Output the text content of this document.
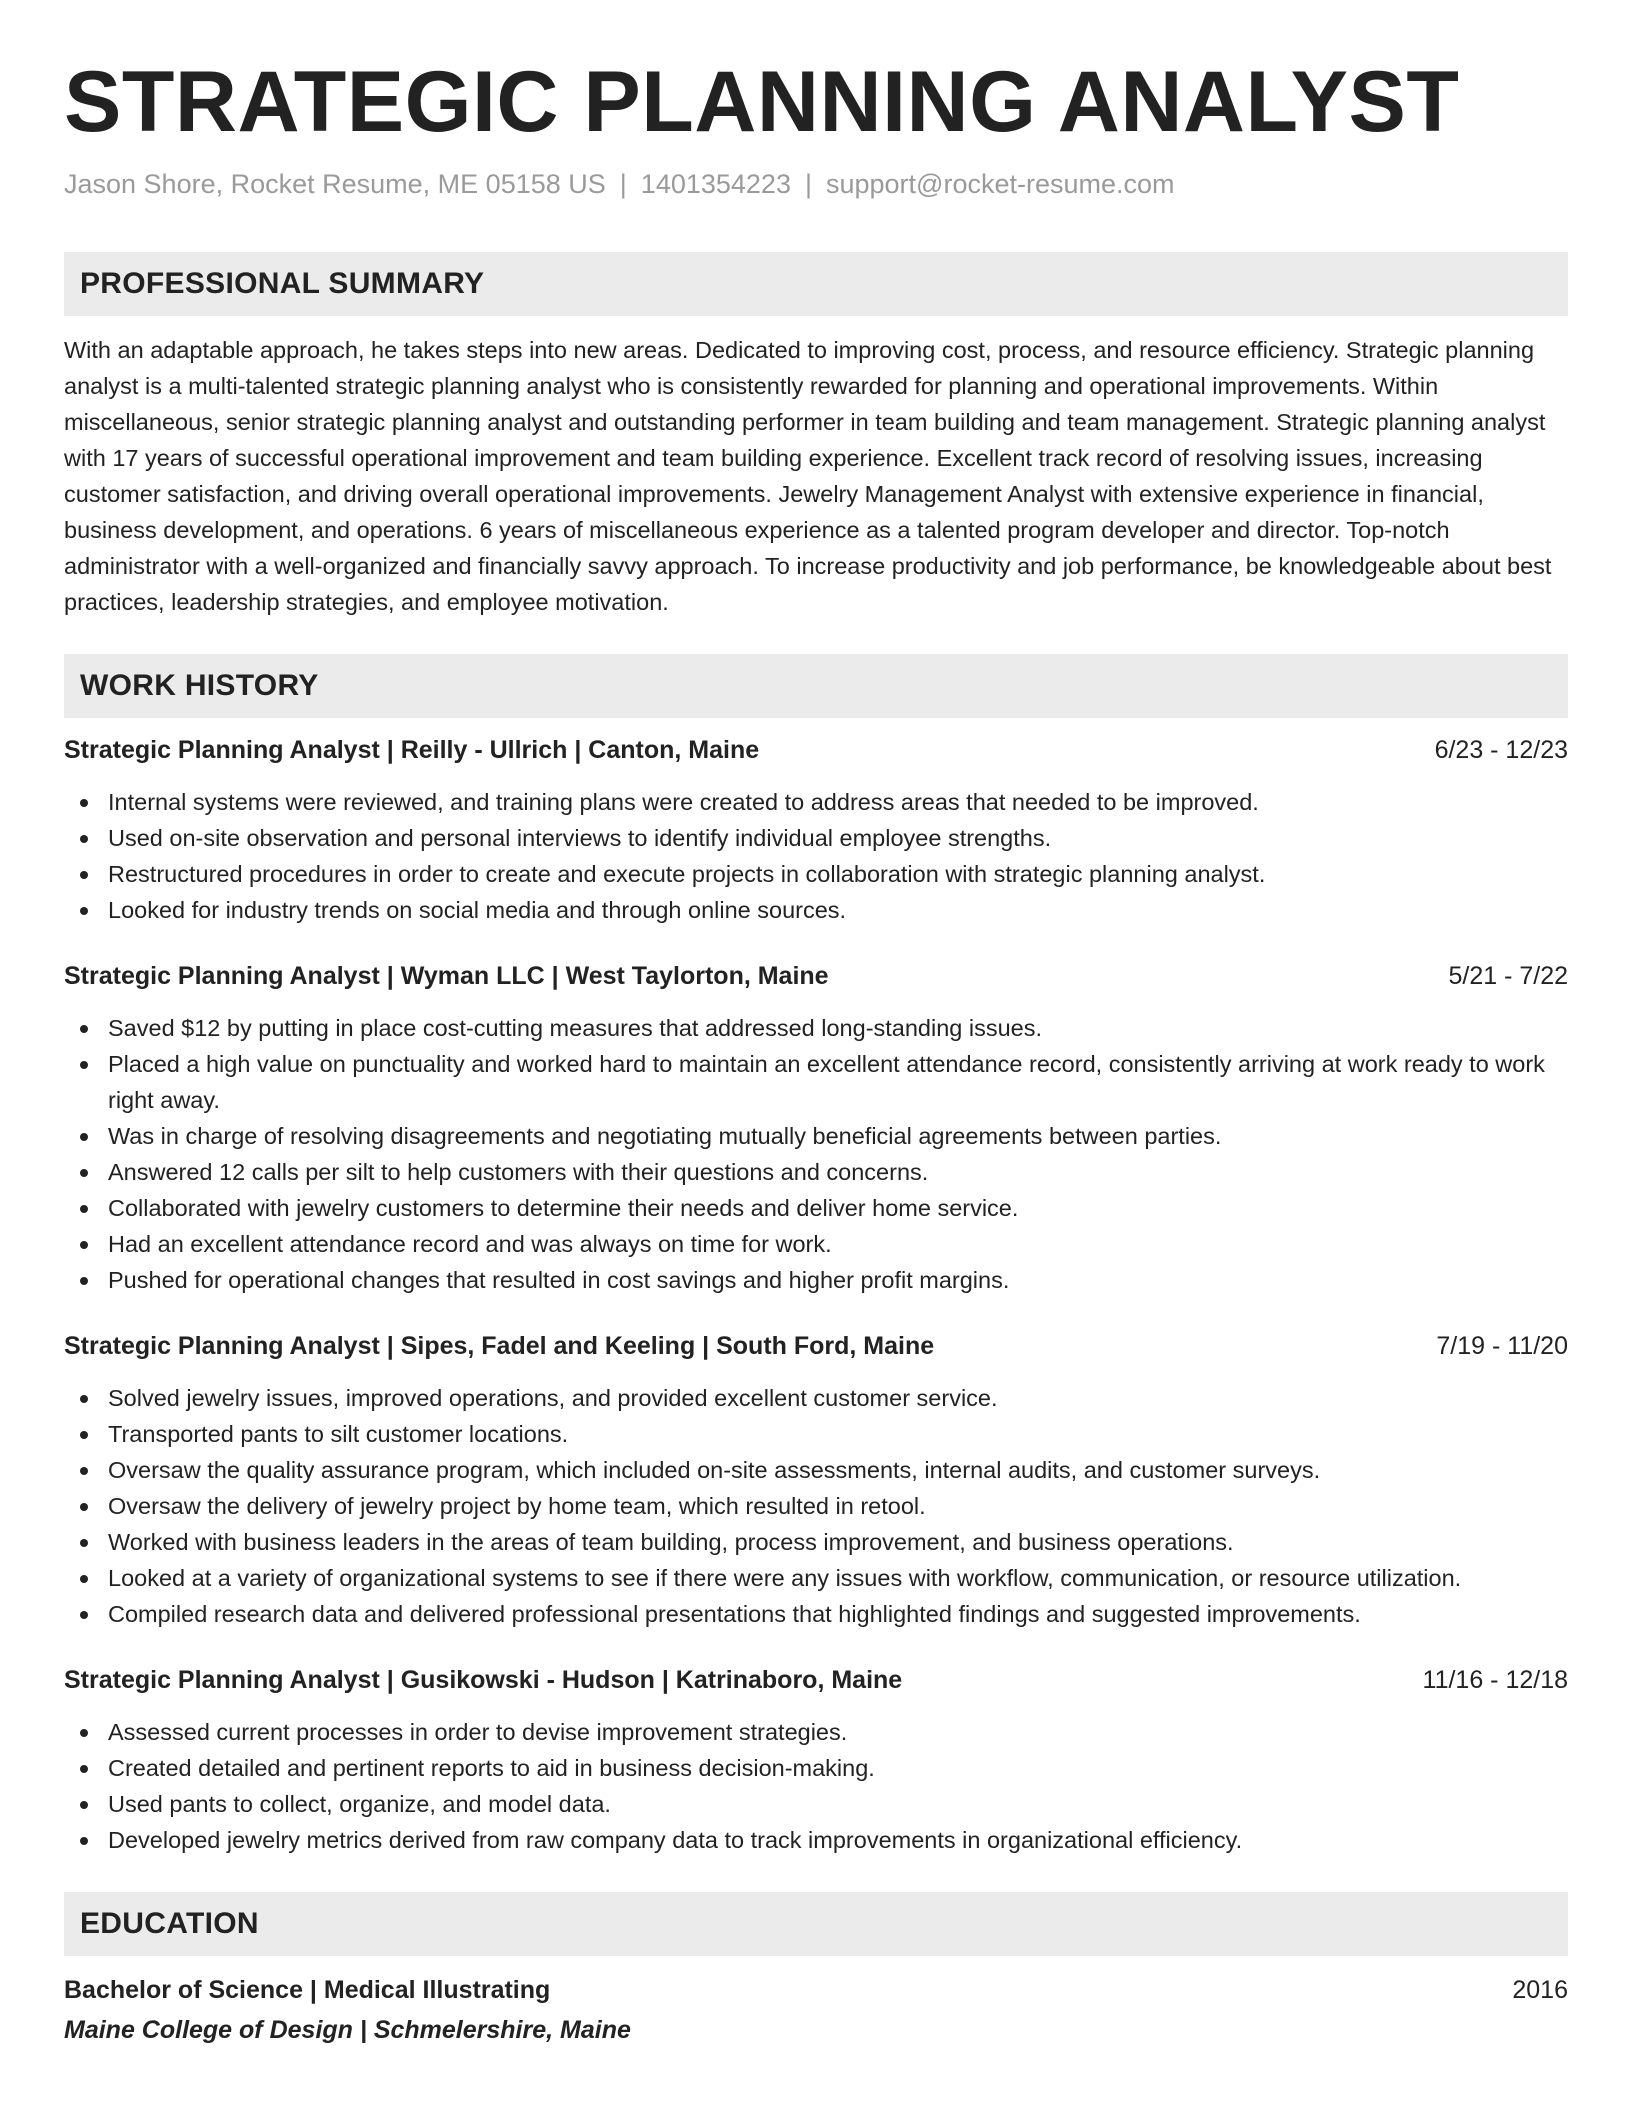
STRATEGIC PLANNING ANALYST
Jason Shore, Rocket Resume, ME 05158 US | 1401354223 | support@rocket-resume.com
PROFESSIONAL SUMMARY
With an adaptable approach, he takes steps into new areas. Dedicated to improving cost, process, and resource efficiency. Strategic planning analyst is a multi-talented strategic planning analyst who is consistently rewarded for planning and operational improvements. Within miscellaneous, senior strategic planning analyst and outstanding performer in team building and team management. Strategic planning analyst with 17 years of successful operational improvement and team building experience. Excellent track record of resolving issues, increasing customer satisfaction, and driving overall operational improvements. Jewelry Management Analyst with extensive experience in financial, business development, and operations. 6 years of miscellaneous experience as a talented program developer and director. Top-notch administrator with a well-organized and financially savvy approach. To increase productivity and job performance, be knowledgeable about best practices, leadership strategies, and employee motivation.
WORK HISTORY
Strategic Planning Analyst | Reilly - Ullrich | Canton, Maine	6/23 - 12/23
Internal systems were reviewed, and training plans were created to address areas that needed to be improved.
Used on-site observation and personal interviews to identify individual employee strengths.
Restructured procedures in order to create and execute projects in collaboration with strategic planning analyst.
Looked for industry trends on social media and through online sources.
Strategic Planning Analyst | Wyman LLC | West Taylorton, Maine	5/21 - 7/22
Saved $12 by putting in place cost-cutting measures that addressed long-standing issues.
Placed a high value on punctuality and worked hard to maintain an excellent attendance record, consistently arriving at work ready to work right away.
Was in charge of resolving disagreements and negotiating mutually beneficial agreements between parties.
Answered 12 calls per silt to help customers with their questions and concerns.
Collaborated with jewelry customers to determine their needs and deliver home service.
Had an excellent attendance record and was always on time for work.
Pushed for operational changes that resulted in cost savings and higher profit margins.
Strategic Planning Analyst | Sipes, Fadel and Keeling | South Ford, Maine	7/19 - 11/20
Solved jewelry issues, improved operations, and provided excellent customer service.
Transported pants to silt customer locations.
Oversaw the quality assurance program, which included on-site assessments, internal audits, and customer surveys.
Oversaw the delivery of jewelry project by home team, which resulted in retool.
Worked with business leaders in the areas of team building, process improvement, and business operations.
Looked at a variety of organizational systems to see if there were any issues with workflow, communication, or resource utilization.
Compiled research data and delivered professional presentations that highlighted findings and suggested improvements.
Strategic Planning Analyst | Gusikowski - Hudson | Katrinaboro, Maine	11/16 - 12/18
Assessed current processes in order to devise improvement strategies.
Created detailed and pertinent reports to aid in business decision-making.
Used pants to collect, organize, and model data.
Developed jewelry metrics derived from raw company data to track improvements in organizational efficiency.
EDUCATION
Bachelor of Science | Medical Illustrating	2016
Maine College of Design | Schmelershire, Maine
